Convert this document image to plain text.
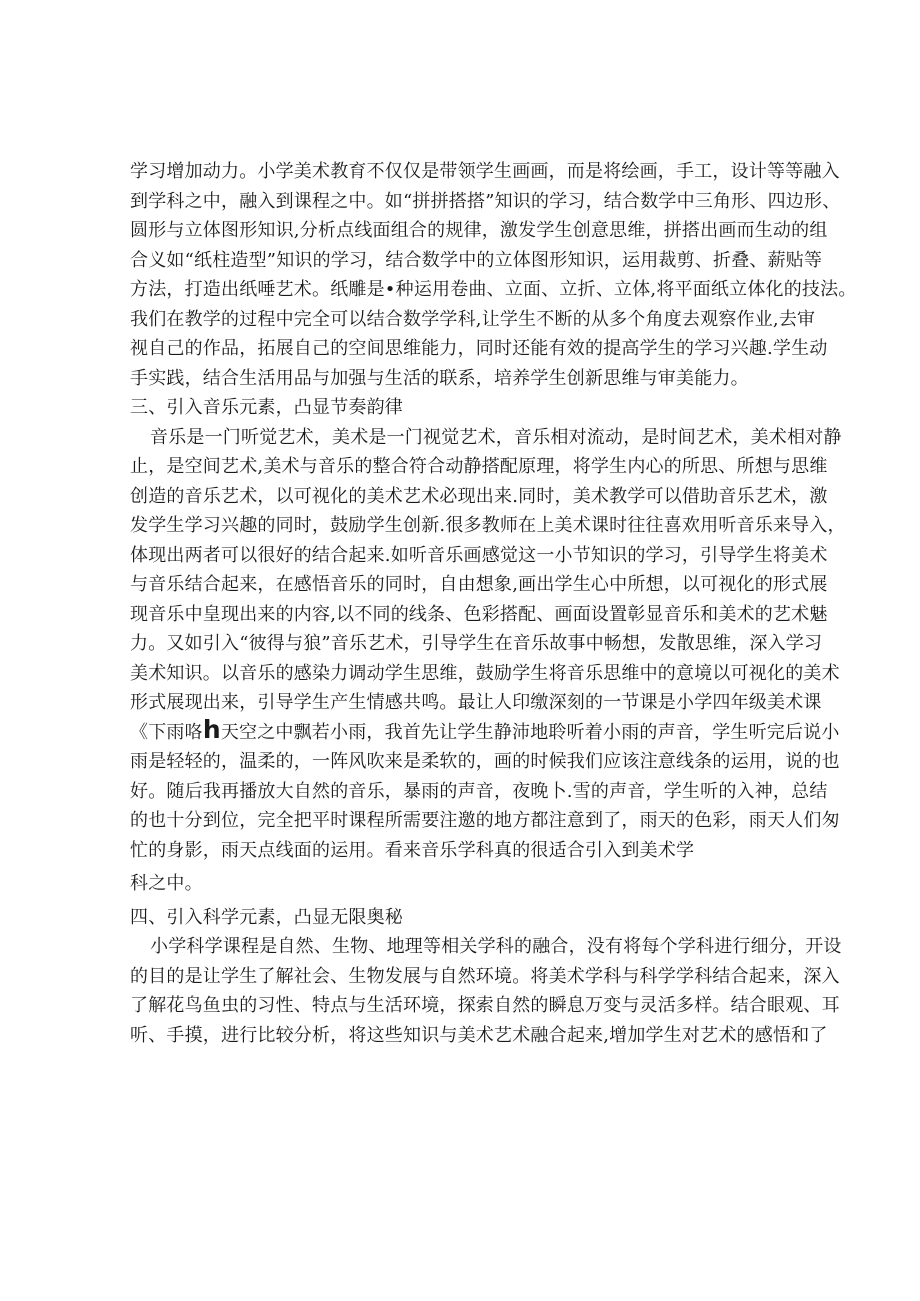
学习增加动力。小学美术教育不仅仅是带领学生画画，而是将绘画，手工，设计等等融入
到学科之中，融入到课程之中。如“拼拼搭搭”知识的学习，结合数学中三角形、四边形、
圆形与立体图形知识,分析点线面组合的规律，激发学生创意思维，拼搭出画而生动的组
合义如“纸柱造型”知识的学习，结合数学中的立体图形知识，运用裁剪、折叠、薪贴等
方法，打造出纸唾艺术。纸雕是•种运用卷曲、立面、立折、立体,将平面纸立体化的技法。
我们在教学的过程中完全可以结合数学学科,让学生不断的从多个角度去观察作业,去审
视自己的作品，拓展自己的空间思维能力，同时还能有效的提高学生的学习兴趣.学生动
手实践，结合生活用品与加强与生活的联系，培养学生创新思维与审美能力。
三、引入音乐元素，凸显节奏韵律
音乐是一门听觉艺术，美术是一门视觉艺术，音乐相对流动，是时间艺术，美术相对静
止，是空间艺术,美术与音乐的整合符合动静搭配原理，将学生内心的所思、所想与思维
创造的音乐艺术，以可视化的美术艺术必现出来.同时，美术教学可以借助音乐艺术，激
发学生学习兴趣的同时，鼓励学生创新.很多教师在上美术课时往往喜欢用听音乐来导入，
体现出两者可以很好的结合起来.如听音乐画感觉这一小节知识的学习，引导学生将美术
与音乐结合起来，在感悟音乐的同时，自由想象,画出学生心中所想，以可视化的形式展
现音乐中皇现出来的内容,以不同的线条、色彩搭配、画面设置彰显音乐和美术的艺术魅
力。又如引入“彼得与狼”音乐艺术，引导学生在音乐故事中畅想，发散思维，深入学习
美术知识。以音乐的感染力调动学生思维，鼓励学生将音乐思维中的意境以可视化的美术
形式展现出来，引导学生产生情感共鸣。最让人印缴深刻的一节课是小学四年级美术课
《下雨咯h天空之中飘若小雨，我首先让学生静沛地聆听着小雨的声音，学生听完后说小
雨是轻轻的，温柔的，一阵风吹来是柔软的，画的时候我们应该注意线条的运用，说的也
好。随后我再播放大自然的音乐，暴雨的声音，夜晚卜.雪的声音，学生听的入神，总结
的也十分到位，完全把平时课程所需要注邀的地方都注意到了，雨天的色彩，雨天人们匆
忙的身影，雨天点线面的运用。看来音乐学科真的很适合引入到美术学
科之中。
四、引入科学元素，凸显无限奥秘
小学科学课程是自然、生物、地理等相关学科的融合，没有将每个学科进行细分，开设
的目的是让学生了解社会、生物发展与自然环境。将美术学科与科学学科结合起来，深入
了解花鸟鱼虫的习性、特点与生活环境，探索自然的瞬息万变与灵活多样。结合眼观、耳
听、手摸，进行比较分析，将这些知识与美术艺术融合起来,增加学生对艺术的感悟和了
